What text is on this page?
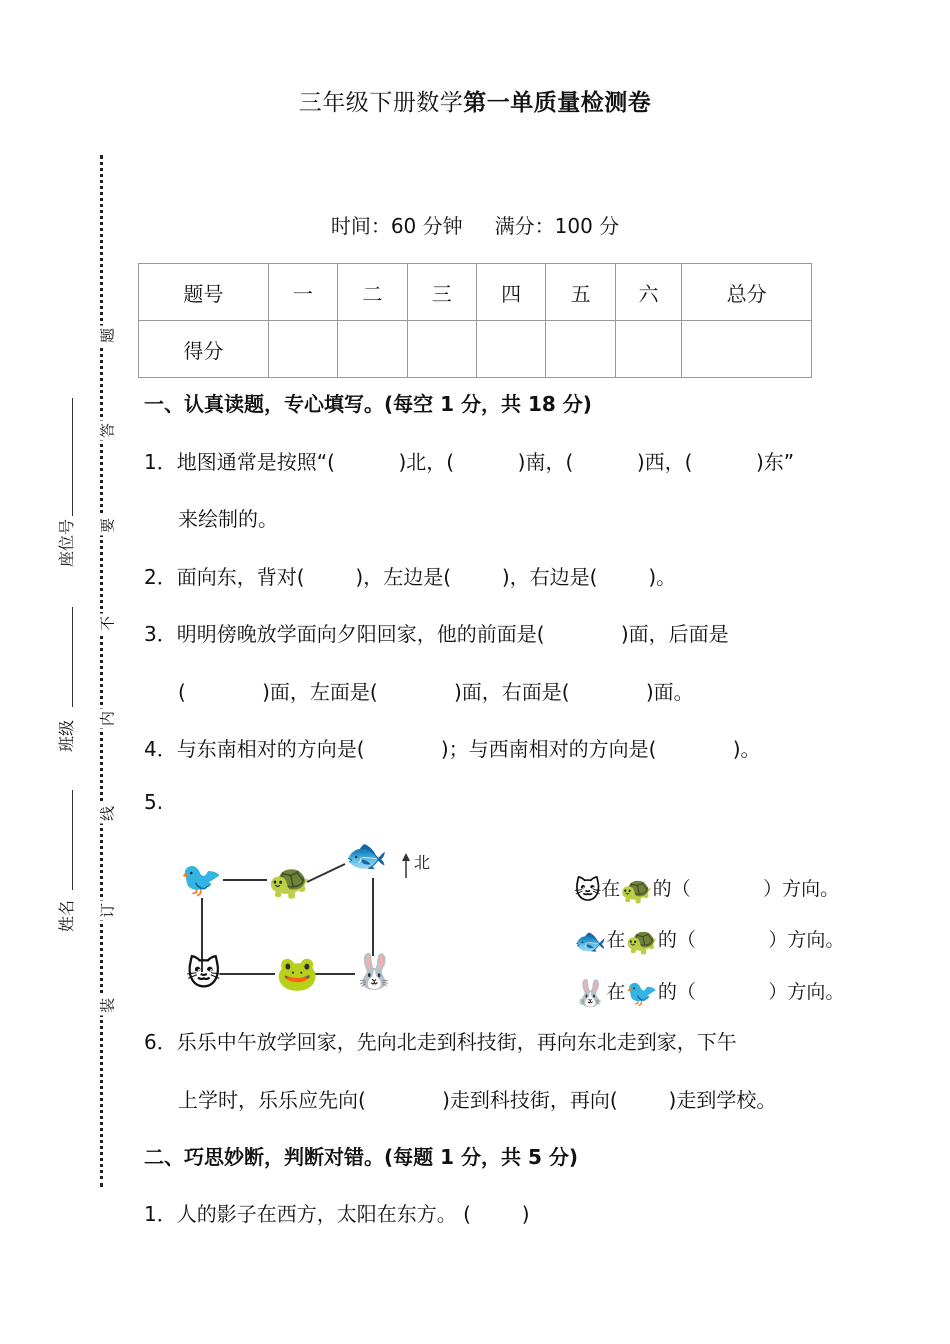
三年级下册数学第一单质量检测卷
时间：60 分钟 满分：100 分
题号	一	二	三	四	五	六	总分
得分							
题
答
要
不
内
线
订
装
座位号
班级
姓名
一、认真读题，专心填写。(每空 1 分，共 18 分)
1．地图通常是按照“(          )北，(          )南，(          )西，(          )东”
来绘制的。
2．面向东，背对(        )，左边是(        )，右边是(        )。
3．明明傍晚放学面向夕阳回家，他的前面是(            )面，后面是
(            )面，左面是(            )面，右面是(            )面。
4．与东南相对的方向是(            )；与西南相对的方向是(            )。
5.
🐦 🐢
🐟
🐱 🐸 🐰
北

🐱在🐢的（            ）方向。

🐟在🐢的（            ）方向。

🐰在🐦的（            ）方向。

6．乐乐中午放学回家，先向北走到科技街，再向东北走到家，下午
上学时，乐乐应先向(            )走到科技街，再向(        )走到学校。
二、巧思妙断，判断对错。(每题 1 分，共 5 分)
1．人的影子在西方，太阳在东方。 (        )
